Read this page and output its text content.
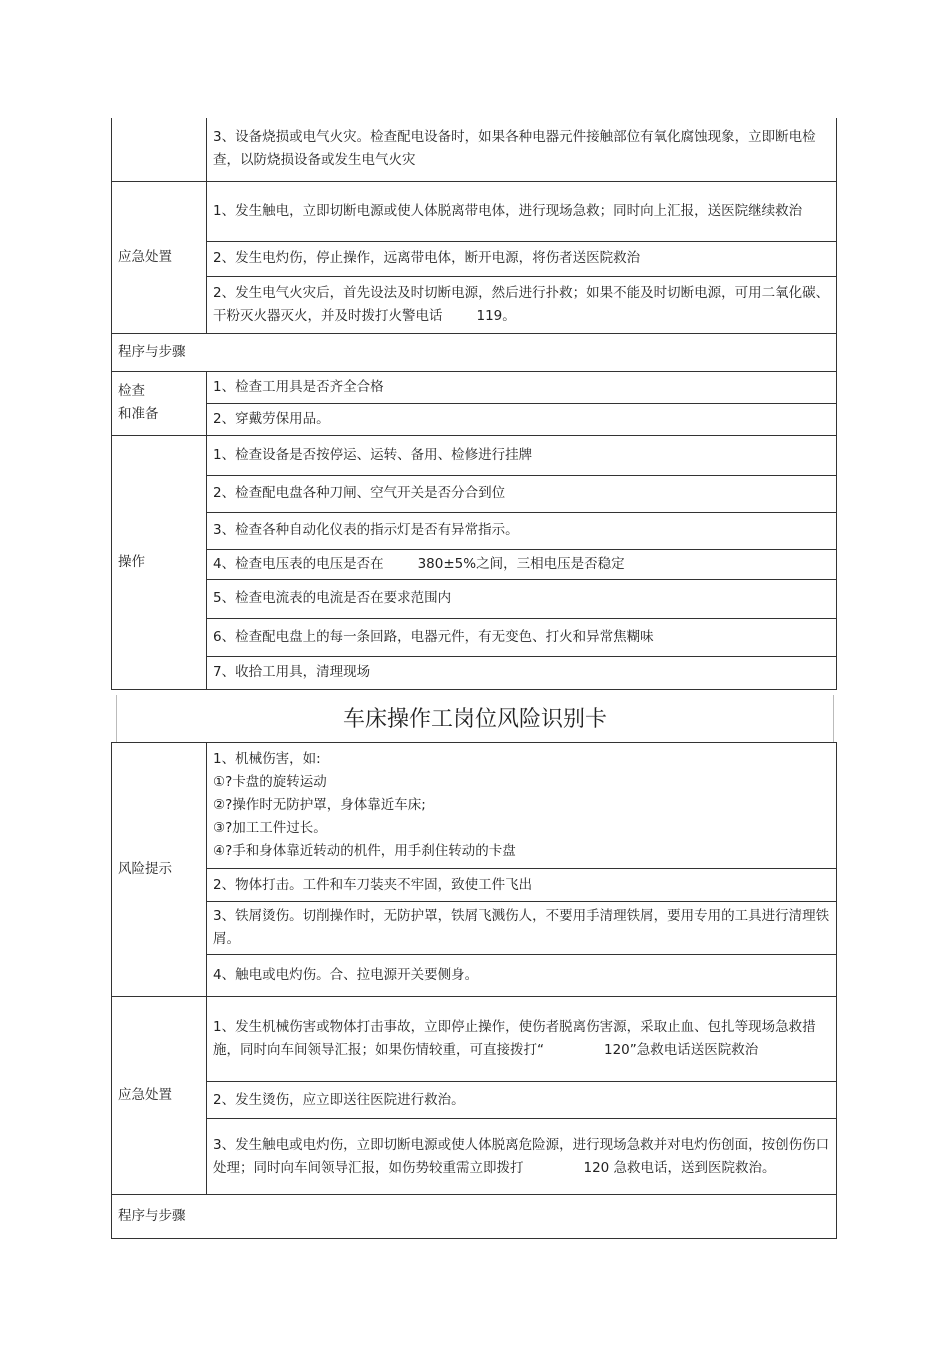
	3、设备烧损或电气火灾。检查配电设备时，如果各种电器元件接触部位有氧化腐蚀现象，立即断电检查，以防烧损设备或发生电气火灾
应急处置	1、发生触电，立即切断电源或使人体脱离带电体，进行现场急救；同时向上汇报，送医院继续救治
	2、发生电灼伤，停止操作，远离带电体，断开电源，将伤者送医院救治
	2、发生电气火灾后，首先设法及时切断电源，然后进行扑救；如果不能及时切断电源，可用二氧化碳、干粉灭火器灭火，并及时拨打火警电话 119。
程序与步骤	

检查
和准备	1、检查工用具是否齐全合格
	2、穿戴劳保用品。
操作	1、检查设备是否按停运、运转、备用、检修进行挂牌
	2、检查配电盘各种刀闸、空气开关是否分合到位
	3、检查各种自动化仪表的指示灯是否有异常指示。
	4、检查电压表的电压是否在 380±5%之间，三相电压是否稳定
	5、检查电流表的电流是否在要求范围内
	6、检查配电盘上的每一条回路，电器元件，有无变色、打火和异常焦糊味
	7、收拾工用具，清理现场
车床操作工岗位风险识别卡
风险提示	1、机械伤害，如:
①?卡盘的旋转运动
②?操作时无防护罩，身体靠近车床;
③?加工工件过长。
④?手和身体靠近转动的机件，用手刹住转动的卡盘

	2、物体打击。工件和车刀装夹不牢固，致使工件飞出
	3、铁屑烫伤。切削操作时，无防护罩，铁屑飞溅伤人，不要用手清理铁屑，要用专用的工具进行清理铁屑。
	4、触电或电灼伤。合、拉电源开关要侧身。
应急处置	1、发生机械伤害或物体打击事故，立即停止操作，使伤者脱离伤害源，采取止血、包扎等现场急救措施，同时向车间领导汇报；如果伤情较重，可直接拨打“ 120”急救电话送医院救治
	2、发生烫伤，应立即送往医院进行救治。
	3、发生触电或电灼伤，立即切断电源或使人体脱离危险源，进行现场急救并对电灼伤创面，按创伤伤口处理；同时向车间领导汇报，如伤势较重需立即拨打 120 急救电话，送到医院救治。
程序与步骤	
